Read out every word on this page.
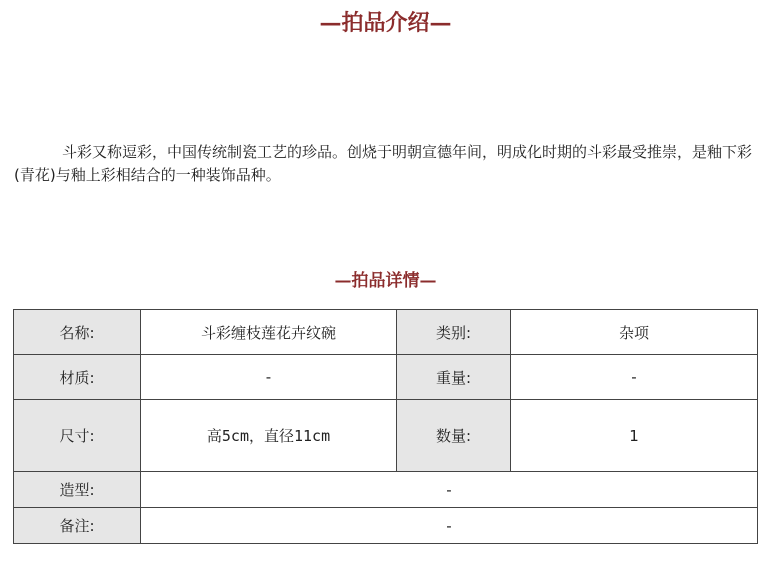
—拍品介绍—

斗彩又称逗彩，中国传统制瓷工艺的珍品。创烧于明朝宣德年间，明成化时期的斗彩最受推崇，是釉下彩(青花)与釉上彩相结合的一种装饰品种。

—拍品详情—
名称:	斗彩缠枝莲花卉纹碗	类别:	杂项
材质:	-	重量:	-
尺寸:	高5cm，直径11cm	数量:	1
造型:	-		
备注:	-		
